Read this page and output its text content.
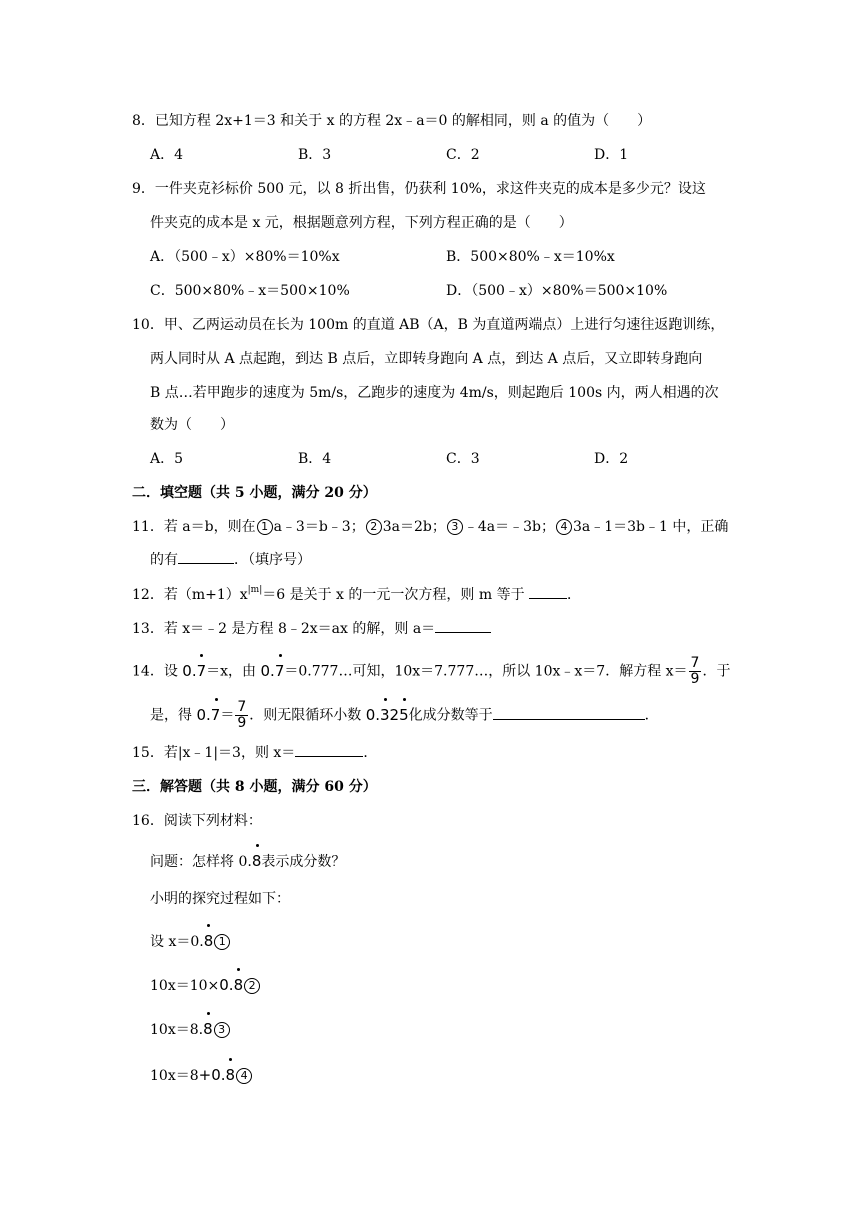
8．已知方程 2x+1＝3 和关于 x 的方程 2x﹣a＝0 的解相同，则 a 的值为（　　）
A．4	B．3	C．2	D．1
9．一件夹克衫标价 500 元，以 8 折出售，仍获利 10%，求这件夹克的成本是多少元？设这
件夹克的成本是 x 元，根据题意列方程，下列方程正确的是（　　）
A．（500﹣x）×80%＝10%x	B．500×80%﹣x＝10%x
C．500×80%﹣x＝500×10%	D．（500﹣x）×80%＝500×10%
10．甲、乙两运动员在长为 100m 的直道 AB（A，B 为直道两端点）上进行匀速往返跑训练，
两人同时从 A 点起跑，到达 B 点后，立即转身跑向 A 点，到达 A 点后，又立即转身跑向
B 点…若甲跑步的速度为 5m/s，乙跑步的速度为 4m/s，则起跑后 100s 内，两人相遇的次
数为（　　）
A．5	B．4	C．3	D．2
二．填空题（共 5 小题，满分 20 分）
11．若 a＝b，则在 1 a﹣3＝b﹣3； 2 3a＝2b； 3 ﹣4a＝﹣3b； 4 3a﹣1＝3b﹣1 中，正确
的有	．（填序号）
12．若$(m+1)x^{|m|}=6$ 是关于 x 的一元一次方程，则 m 等于	．
13．若 x＝﹣2 是方程 8﹣2x＝ax 的解，则 a＝
14．设 0.7＝x，由 0.7＝0.777…可知，10x＝7.777…，所以 10x﹣x＝7．解方程 $x= \frac{7}{9}$ ．于
是，得 $0.7= \frac{7}{9}$ ．则无限循环小数 0.325化成分数等于	．
15．若|x﹣1|＝3，则 x＝	．
三．解答题（共 8 小题，满分 60 分）
16．阅读下列材料：
问题：怎样将 0.8表示成分数？
小明的探究过程如下：
设 x＝0.8 1
10x＝10×0.8 2
10x＝8.8 3
10x＝8+0.8 4
